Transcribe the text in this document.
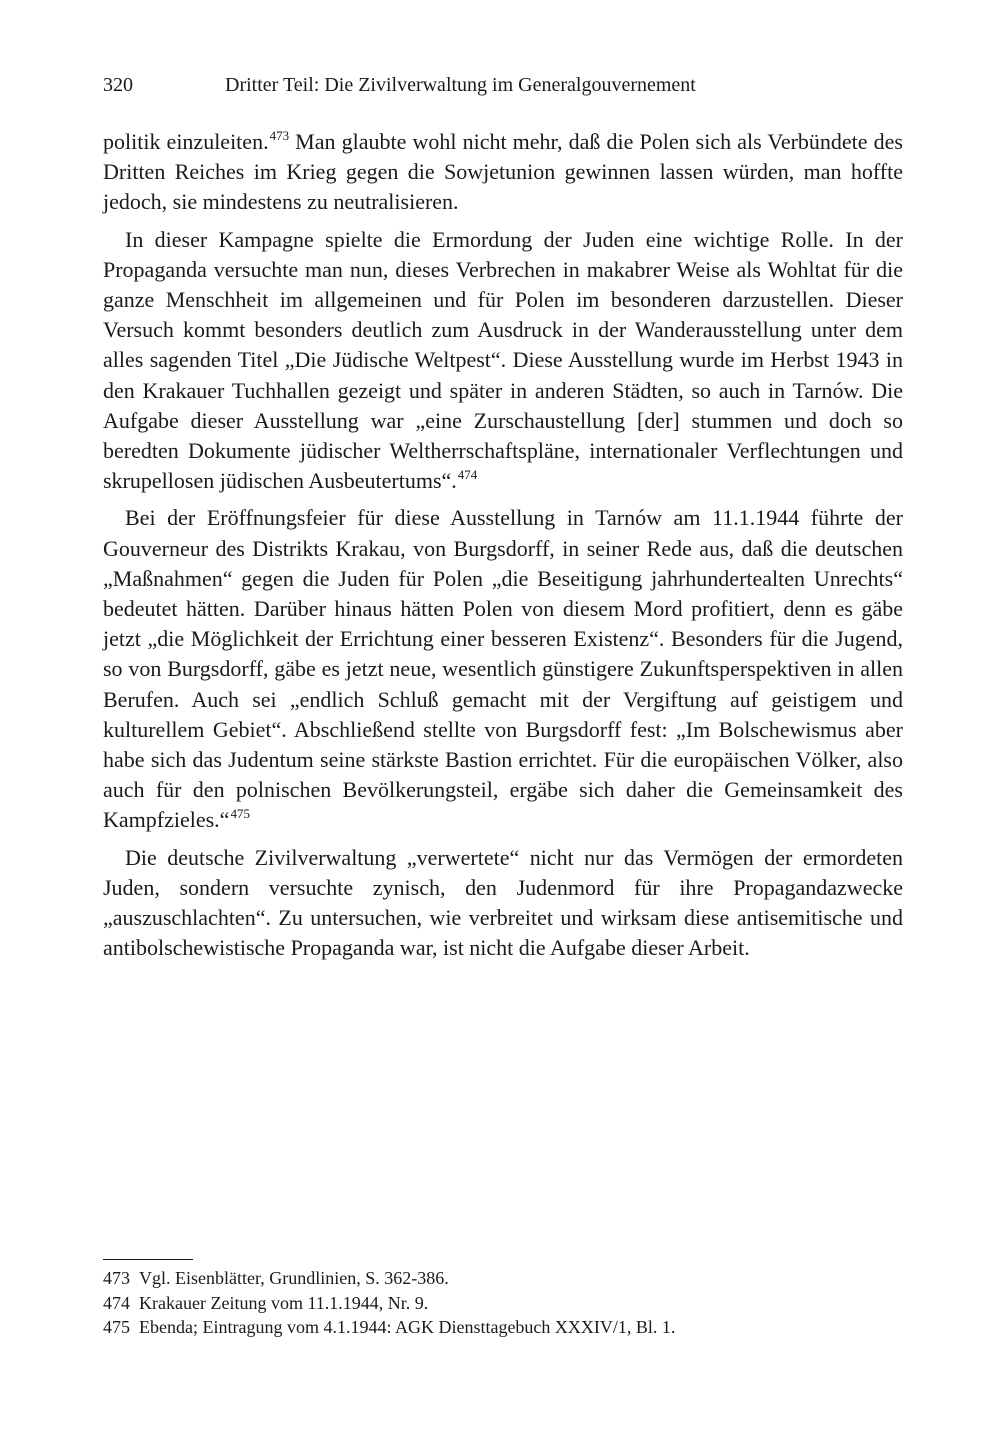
320	Dritter Teil: Die Zivilverwaltung im Generalgouvernement

politik einzuleiten.$^{473}$ Man glaubte wohl nicht mehr, daß die Polen sich als Verbündete des Dritten Reiches im Krieg gegen die Sowjetunion gewinnen lassen würden, man hoffte jedoch, sie mindestens zu neutralisieren.

In dieser Kampagne spielte die Ermordung der Juden eine wichtige Rolle. In der Propaganda versuchte man nun, dieses Verbrechen in makabrer Weise als Wohltat für die ganze Menschheit im allgemeinen und für Polen im besonderen darzustellen. Dieser Versuch kommt besonders deutlich zum Ausdruck in der Wanderausstellung unter dem alles sagenden Titel „Die Jüdische Weltpest“. Diese Ausstellung wurde im Herbst 1943 in den Krakauer Tuchhallen gezeigt und später in anderen Städten, so auch in Tarnów. Die Aufgabe dieser Ausstellung war „eine Zurschaustellung [der] stummen und doch so beredten Dokumente jüdischer Weltherrschaftspläne, internationaler Verflechtungen und skrupellosen jüdischen Ausbeutertums“.$^{474}$

Bei der Eröffnungsfeier für diese Ausstellung in Tarnów am 11.1.1944 führte der Gouverneur des Distrikts Krakau, von Burgsdorff, in seiner Rede aus, daß die deutschen „Maßnahmen“ gegen die Juden für Polen „die Beseitigung jahrhundertealten Unrechts“ bedeutet hätten. Darüber hinaus hätten Polen von diesem Mord profitiert, denn es gäbe jetzt „die Möglichkeit der Errichtung einer besseren Existenz“. Besonders für die Jugend, so von Burgsdorff, gäbe es jetzt neue, wesentlich günstigere Zukunftsperspektiven in allen Berufen. Auch sei „endlich Schluß gemacht mit der Vergiftung auf geistigem und kulturellem Gebiet“. Abschließend stellte von Burgsdorff fest: „Im Bolschewismus aber habe sich das Judentum seine stärkste Bastion errichtet. Für die europäischen Völker, also auch für den polnischen Bevölkerungsteil, ergäbe sich daher die Gemeinsamkeit des Kampfzieles.“$^{475}$

Die deutsche Zivilverwaltung „verwertete“ nicht nur das Vermögen der ermordeten Juden, sondern versuchte zynisch, den Judenmord für ihre Propagandazwecke „auszuschlachten“. Zu untersuchen, wie verbreitet und wirksam diese antisemitische und antibolschewistische Propaganda war, ist nicht die Aufgabe dieser Arbeit.

473 Vgl. Eisenblätter, Grundlinien, S. 362-386.
474 Krakauer Zeitung vom 11.1.1944, Nr. 9.
475 Ebenda; Eintragung vom 4.1.1944: AGK Diensttagebuch XXXIV/1, Bl. 1.
